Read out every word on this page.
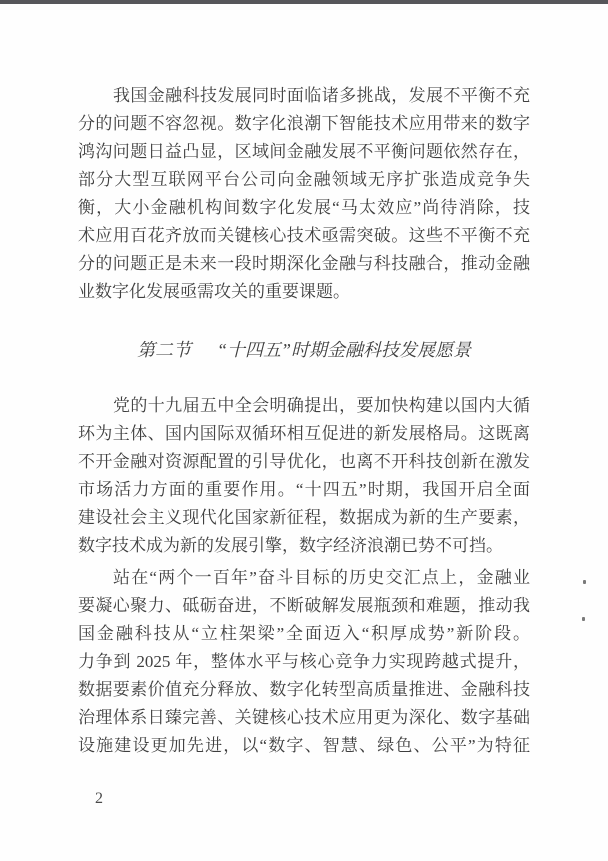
我国金融科技发展同时面临诸多挑战，发展不平衡不充
分的问题不容忽视。数字化浪潮下智能技术应用带来的数字
鸿沟问题日益凸显，区域间金融发展不平衡问题依然存在，
部分大型互联网平台公司向金融领域无序扩张造成竞争失
衡，大小金融机构间数字化发展“马太效应”尚待消除，技
术应用百花齐放而关键核心技术亟需突破。这些不平衡不充
分的问题正是未来一段时期深化金融与科技融合，推动金融
业数字化发展亟需攻关的重要课题。
第二节 “十四五”时期金融科技发展愿景
党的十九届五中全会明确提出，要加快构建以国内大循
环为主体、国内国际双循环相互促进的新发展格局。这既离
不开金融对资源配置的引导优化，也离不开科技创新在激发
市场活力方面的重要作用。“十四五”时期，我国开启全面
建设社会主义现代化国家新征程，数据成为新的生产要素，
数字技术成为新的发展引擎，数字经济浪潮已势不可挡。
站在“两个一百年”奋斗目标的历史交汇点上，金融业
要凝心聚力、砥砺奋进，不断破解发展瓶颈和难题，推动我
国金融科技从“立柱架梁”全面迈入“积厚成势”新阶段。
力争到 2025 年，整体水平与核心竞争力实现跨越式提升，
数据要素价值充分释放、数字化转型高质量推进、金融科技
治理体系日臻完善、关键核心技术应用更为深化、数字基础
设施建设更加先进，以“数字、智慧、绿色、公平”为特征
2
